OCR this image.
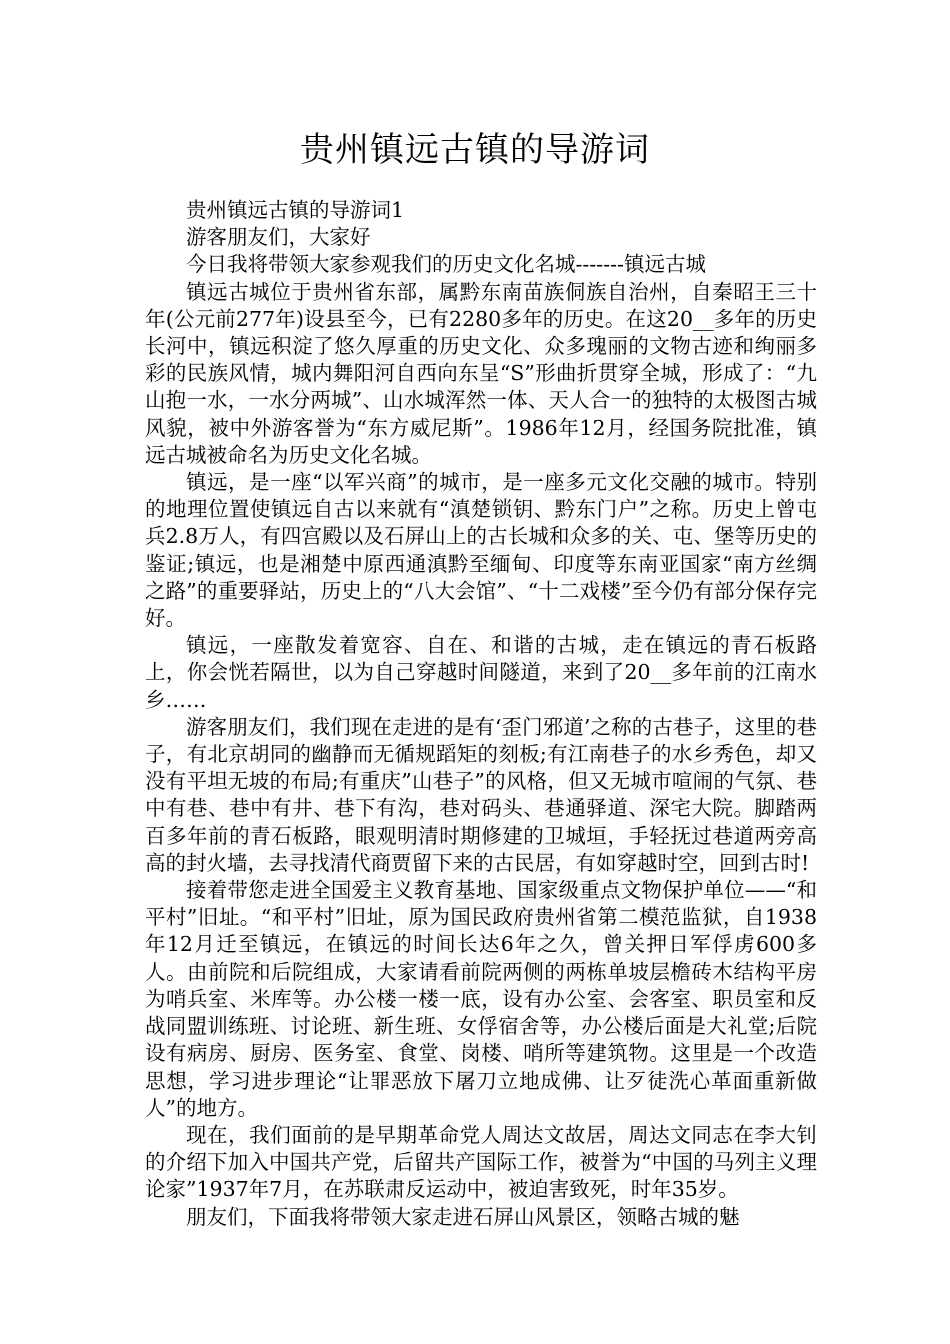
贵州镇远古镇的导游词

贵州镇远古镇的导游词1

游客朋友们，大家好

今日我将带领大家参观我们的历史文化名城-------镇远古城

镇远古城位于贵州省东部，属黔东南苗族侗族自治州，自秦昭王三十年(公元前277年)设县至今，已有2280多年的历史。在这20__多年的历史长河中，镇远积淀了悠久厚重的历史文化、众多瑰丽的文物古迹和绚丽多彩的民族风情，城内舞阳河自西向东呈“S”形曲折贯穿全城，形成了：“九山抱一水，一水分两城”、山水城浑然一体、天人合一的独特的太极图古城风貌，被中外游客誉为“东方威尼斯”。1986年12月，经国务院批准，镇远古城被命名为历史文化名城。

镇远，是一座“以军兴商”的城市，是一座多元文化交融的城市。特别的地理位置使镇远自古以来就有“滇楚锁钥、黔东门户”之称。历史上曾屯兵2.8万人，有四宫殿以及石屏山上的古长城和众多的关、屯、堡等历史的鉴证;镇远，也是湘楚中原西通滇黔至缅甸、印度等东南亚国家“南方丝绸之路”的重要驿站，历史上的“八大会馆”、“十二戏楼”至今仍有部分保存完好。

镇远，一座散发着宽容、自在、和谐的古城，走在镇远的青石板路上，你会恍若隔世，以为自己穿越时间隧道，来到了20__多年前的江南水乡……

游客朋友们，我们现在走进的是有‘歪门邪道’之称的古巷子，这里的巷子，有北京胡同的幽静而无循规蹈矩的刻板;有江南巷子的水乡秀色，却又没有平坦无坡的布局;有重庆”山巷子”的风格，但又无城市喧闹的气氛、巷中有巷、巷中有井、巷下有沟，巷对码头、巷通驿道、深宅大院。脚踏两百多年前的青石板路，眼观明清时期修建的卫城垣，手轻抚过巷道两旁高高的封火墙，去寻找清代商贾留下来的古民居，有如穿越时空，回到古时!

接着带您走进全国爱主义教育基地、国家级重点文物保护单位——“和平村”旧址。“和平村”旧址，原为国民政府贵州省第二模范监狱，自1938年12月迁至镇远，在镇远的时间长达6年之久，曾关押日军俘虏600多人。由前院和后院组成，大家请看前院两侧的两栋单坡层檐砖木结构平房为哨兵室、米库等。办公楼一楼一底，设有办公室、会客室、职员室和反战同盟训练班、讨论班、新生班、女俘宿舍等，办公楼后面是大礼堂;后院设有病房、厨房、医务室、食堂、岗楼、哨所等建筑物。这里是一个改造思想，学习进步理论“让罪恶放下屠刀立地成佛、让歹徒洗心革面重新做人”的地方。

现在，我们面前的是早期革命党人周达文故居，周达文同志在李大钊的介绍下加入中国共产党，后留共产国际工作，被誉为“中国的马列主义理论家”1937年7月，在苏联肃反运动中，被迫害致死，时年35岁。

朋友们，下面我将带领大家走进石屏山风景区，领略古城的魅
